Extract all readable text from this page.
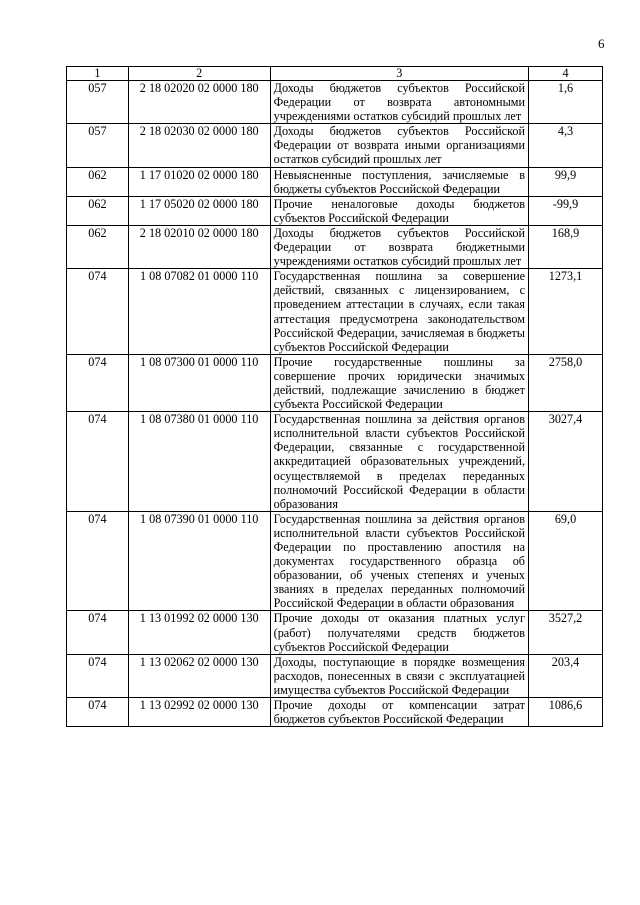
6
1	2	3	4
057	2 18 02020 02 0000 180	Доходы бюджетов субъектов Российской Федерации от возврата автономными учреждениями остатков субсидий прошлых лет	1,6
057	2 18 02030 02 0000 180	Доходы бюджетов субъектов Российской Федерации от возврата иными организациями остатков субсидий прошлых лет	4,3
062	1 17 01020 02 0000 180	Невыясненные поступления, зачисляемые в бюджеты субъектов Российской Федерации	99,9
062	1 17 05020 02 0000 180	Прочие неналоговые доходы бюджетов субъектов Российской Федерации	-99,9
062	2 18 02010 02 0000 180	Доходы бюджетов субъектов Российской Федерации от возврата бюджетными учреждениями остатков субсидий прошлых лет	168,9
074	1 08 07082 01 0000 110	Государственная пошлина за совершение действий, связанных с лицензированием, с проведением аттестации в случаях, если такая аттестация предусмотрена законодательством Российской Федерации, зачисляемая в бюджеты субъектов Российской Федерации	1273,1
074	1 08 07300 01 0000 110	Прочие государственные пошлины за совершение прочих юридически значимых действий, подлежащие зачислению в бюджет субъекта Российской Федерации	2758,0
074	1 08 07380 01 0000 110	Государственная пошлина за действия органов исполнительной власти субъектов Российской Федерации, связанные с государственной аккредитацией образовательных учреждений, осуществляемой в пределах переданных полномочий Российской Федерации в области образования	3027,4
074	1 08 07390 01 0000 110	Государственная пошлина за действия органов исполнительной власти субъектов Российской Федерации по проставлению апостиля на документах государственного образца об образовании, об ученых степенях и ученых званиях в пределах переданных полномочий Российской Федерации в области образования	69,0
074	1 13 01992 02 0000 130	Прочие доходы от оказания платных услуг (работ) получателями средств бюджетов субъектов Российской Федерации	3527,2
074	1 13 02062 02 0000 130	Доходы, поступающие в порядке возмещения расходов, понесенных в связи с эксплуатацией имущества субъектов Российской Федерации	203,4
074	1 13 02992 02 0000 130	Прочие доходы от компенсации затрат бюджетов субъектов Российской Федерации	1086,6
